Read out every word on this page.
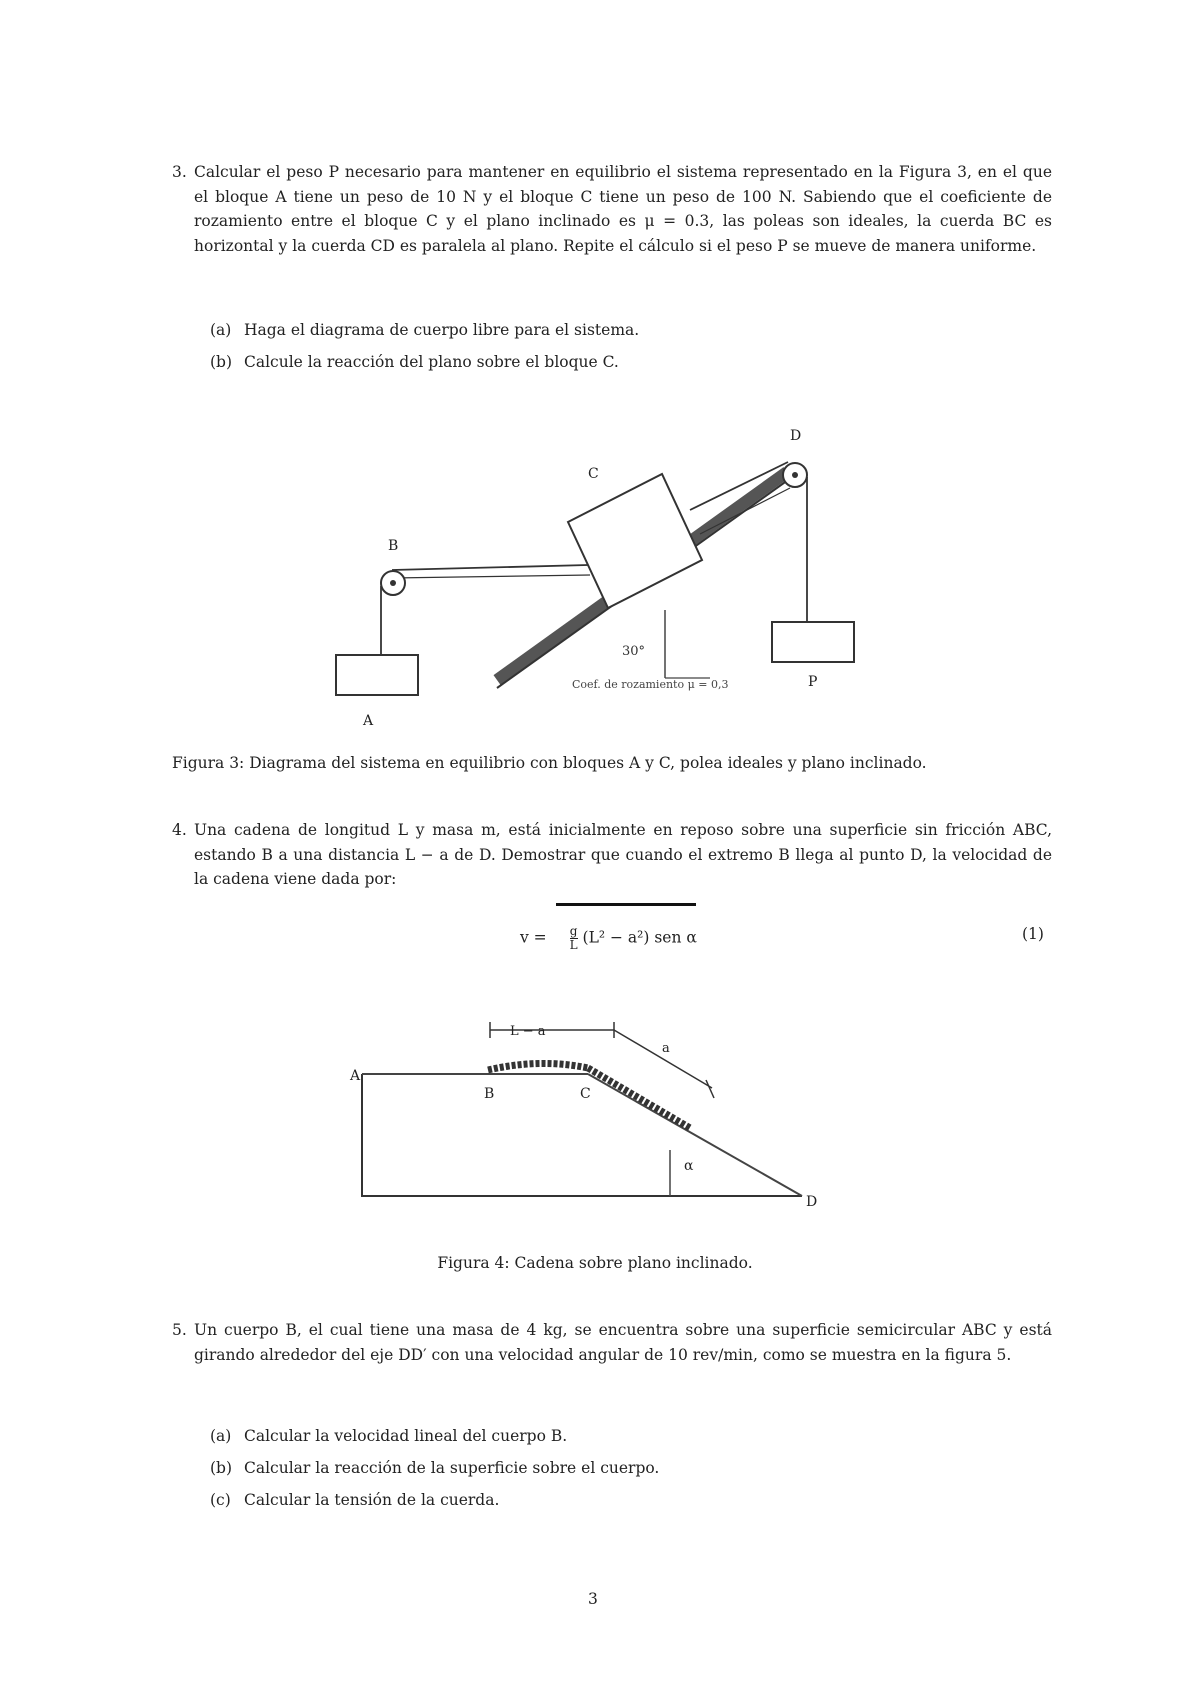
3. Calcular el peso P necesario para mantener en equilibrio el sistema representado en la Figura 3, en el que el bloque A tiene un peso de 10 N y el bloque C tiene un peso de 100 N. Sabiendo que el coeficiente de rozamiento entre el bloque C y el plano inclinado es μ = 0.3, las poleas son ideales, la cuerda BC es horizontal y la cuerda CD es paralela al plano. Repite el cálculo si el peso P se mueve de manera uniforme.
(a) Haga el diagrama de cuerpo libre para el sistema.
(b) Calcule la reacción del plano sobre el bloque C.
30°
Coef. de rozamiento μ = 0,3
A
B
C
D
P
Figura 3: Diagrama del sistema en equilibrio con bloques A y C, polea ideales y plano inclinado.
4. Una cadena de longitud L y masa m, está inicialmente en reposo sobre una superficie sin fricción ABC, estando B a una distancia L − a de D. Demostrar que cuando el extremo B llega al punto D, la velocidad de la cadena viene dada por:
$v = \frac{g}{L} (L^2 - a^2)$ sen α	(1)
α
L − a
a
A
B	C
D
Figura 4: Cadena sobre plano inclinado.
5. Un cuerpo B, el cual tiene una masa de 4 kg, se encuentra sobre una superficie semicircular ABC y está girando alrededor del eje DD′ con una velocidad angular de 10 rev/min, como se muestra en la figura 5.
(a) Calcular la velocidad lineal del cuerpo B.
(b) Calcular la reacción de la superficie sobre el cuerpo.
(c) Calcular la tensión de la cuerda.
3
